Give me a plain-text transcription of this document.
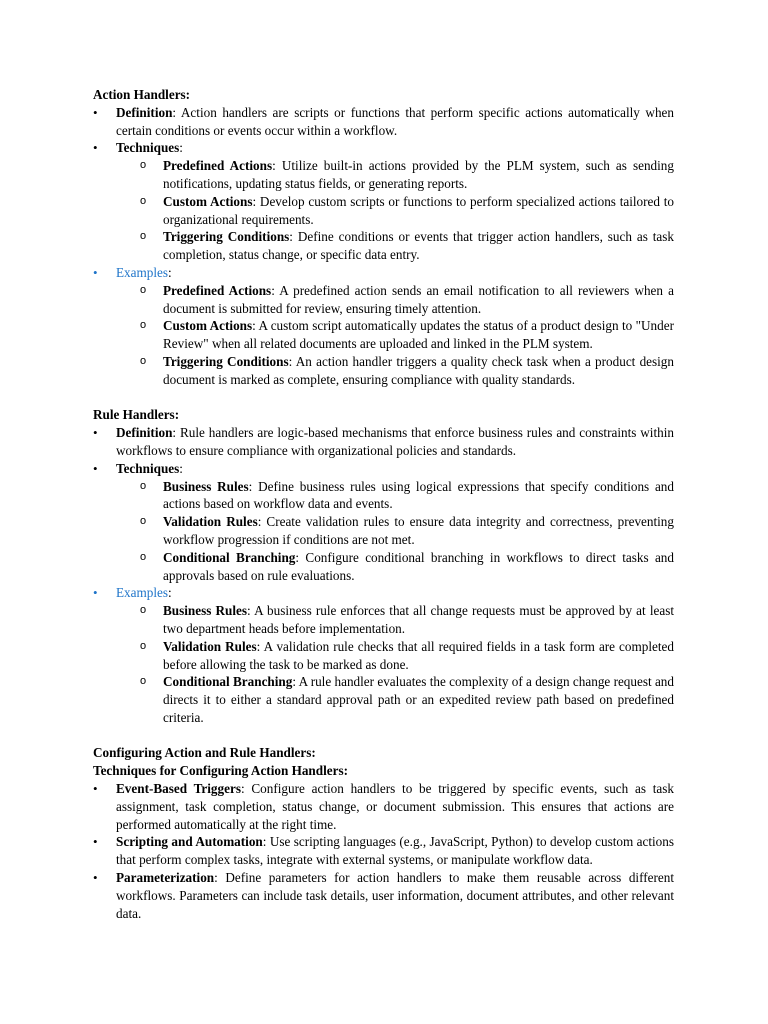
Action Handlers:
• Definition: Action handlers are scripts or functions that perform specific actions automatically when certain conditions or events occur within a workflow.
• Techniques:
o Predefined Actions: Utilize built-in actions provided by the PLM system, such as sending notifications, updating status fields, or generating reports.
o Custom Actions: Develop custom scripts or functions to perform specialized actions tailored to organizational requirements.
o Triggering Conditions: Define conditions or events that trigger action handlers, such as task completion, status change, or specific data entry.
• Examples:
o Predefined Actions: A predefined action sends an email notification to all reviewers when a document is submitted for review, ensuring timely attention.
o Custom Actions: A custom script automatically updates the status of a product design to "Under Review" when all related documents are uploaded and linked in the PLM system.
o Triggering Conditions: An action handler triggers a quality check task when a product design document is marked as complete, ensuring compliance with quality standards.
Rule Handlers:
• Definition: Rule handlers are logic-based mechanisms that enforce business rules and constraints within workflows to ensure compliance with organizational policies and standards.
• Techniques:
o Business Rules: Define business rules using logical expressions that specify conditions and actions based on workflow data and events.
o Validation Rules: Create validation rules to ensure data integrity and correctness, preventing workflow progression if conditions are not met.
o Conditional Branching: Configure conditional branching in workflows to direct tasks and approvals based on rule evaluations.
• Examples:
o Business Rules: A business rule enforces that all change requests must be approved by at least two department heads before implementation.
o Validation Rules: A validation rule checks that all required fields in a task form are completed before allowing the task to be marked as done.
o Conditional Branching: A rule handler evaluates the complexity of a design change request and directs it to either a standard approval path or an expedited review path based on predefined criteria.
Configuring Action and Rule Handlers:
Techniques for Configuring Action Handlers:
• Event-Based Triggers: Configure action handlers to be triggered by specific events, such as task assignment, task completion, status change, or document submission. This ensures that actions are performed automatically at the right time.
• Scripting and Automation: Use scripting languages (e.g., JavaScript, Python) to develop custom actions that perform complex tasks, integrate with external systems, or manipulate workflow data.
• Parameterization: Define parameters for action handlers to make them reusable across different workflows. Parameters can include task details, user information, document attributes, and other relevant data.
